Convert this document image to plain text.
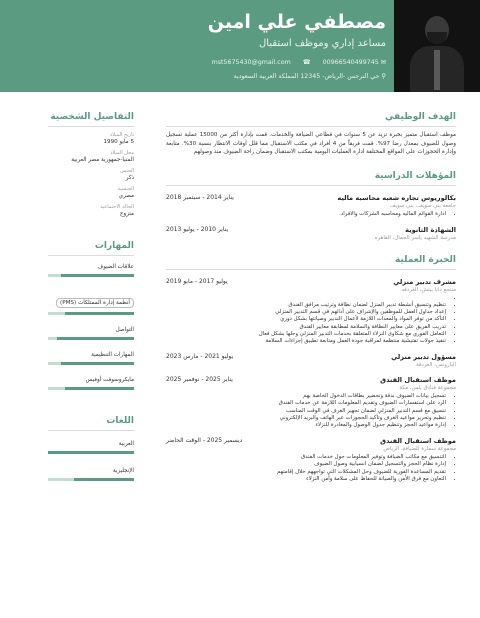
مصطفي علي امين
مساعد إداري وموظف استقبال
✉ mst5675430@gmail.com ☎ 00966540499745
⚲ حي النرجس -الرياض- 12345 المملكة العربية السعودية
التفاصيل الشخصية
تاريخ الميلاد
5 مايو 1990
محل الميلاد
المنيا-جمهورية مصر العربية
الجنس
ذكر
الجنسية
مصري
الحالة الاجتماعية
متزوج
المهارات
علاقات الضيوف
أنظمة إدارة الممتلكات (PMS)
التواصل
المهارات التنظيمية
مايكروسوفت أوفيس
اللغات
العربية
الإنجليزية
الهدف الوظيفي
موظف استقبال متميز بخبرة تزيد عن 5 سنوات في قطاعي الضيافة والخدمات. قمت بإدارة أكثر من 15000 عملية تسجيل وصول للضيوف بمعدل رضا 97%. قمت فريقاً من 4 أفراد في مكتب الاستقبال مما قلل أوقات الانتظار بنسبة 30%. متابعة وإدارة الحجوزات على المواقع المختلفة ادارة العمليات اليومية بمكتب الاستقبال وضمان راحة الضيوف منذ وصولهم
المؤهلات الدراسية
بكالوريوس تجاره شعبه محاسبه ماليه
يناير 2014 - سبتمبر 2018
جامعة بني سويف، بني سويف
• ادارة القوائم الماليه ومحاسبه الشركات والافراد.
الشهادة الثانوية
يناير 2010 - يوليو 2013
مدرسة الشهيد ياسر الجمال، القاهره
الخبرة العملية
مشرف تدبير منزلي
يوليو 2017 - مايو 2019
منتجع دانا بيتش، الغردقه
•
• تنظيم وتنسيق أنشطة تدبير المنزل لضمان نظافة وترتيب مرافق الفندق
• إعداد جداول العمل للموظفين والإشراف على أدائهم في قسم التدبير المنزلي
• التأكد من توفر المواد والمعدات اللازمة لأعمال التدبير وصيانتها بشكل دوري
• تدريب الفريق على معايير النظافة والسلامة لمطابقة معايير الفندق
• التعامل الفوري مع شكاوى النزلاء المتعلقة بخدمات التدبير المنزلي وحلها بشكل فعال
• تنفيذ جولات تفتيشية منتظمة لمراقبة جودة العمل ومتابعة تطبيق إجراءات السلامة
مسؤول تدبير منزلي
يوليو 2021 - مارس 2023
الباروتس، الغردقة
موظف استقبال الفندق
يناير 2025 - نوفمبر 2025
مجموعة فنادق بلس، مكة
• تسجيل بيانات الضيوف بدقة وتحضير بطاقات الدخول الخاصة بهم
• الرد على استفسارات الضيوف وتقديم المعلومات اللازمة عن خدمات الفندق
• تنسيق مع قسم التدبير المنزلي لضمان تجهيز الغرف في الوقت المناسب
• تنظيم وتحرير مواعيد الغرف وتأكيد الحجوزات عبر الهاتف والبريد الإلكتروني
• إدارة مواعيد الحجز وتنظيم جدول الوصول والمغادرة للنزلاء
موظف استقبال الفندق
ديسمبر 2025 - الوقت الحاضر
مجموعة سمارة للضيافة، الرياض
• التنسيق مع مكاتب الضيافة وتوفير المعلومات حول خدمات الفندق
• إدارة نظام الحجز والتسجيل لضمان انسيابية وصول الضيوف
• تقديم المساعدة الفورية للضيوف وحل المشكلات التي تواجههم خلال إقامتهم
• التعاون مع فرق الأمن والصيانة للحفاظ على سلامة وأمن النزلاء
